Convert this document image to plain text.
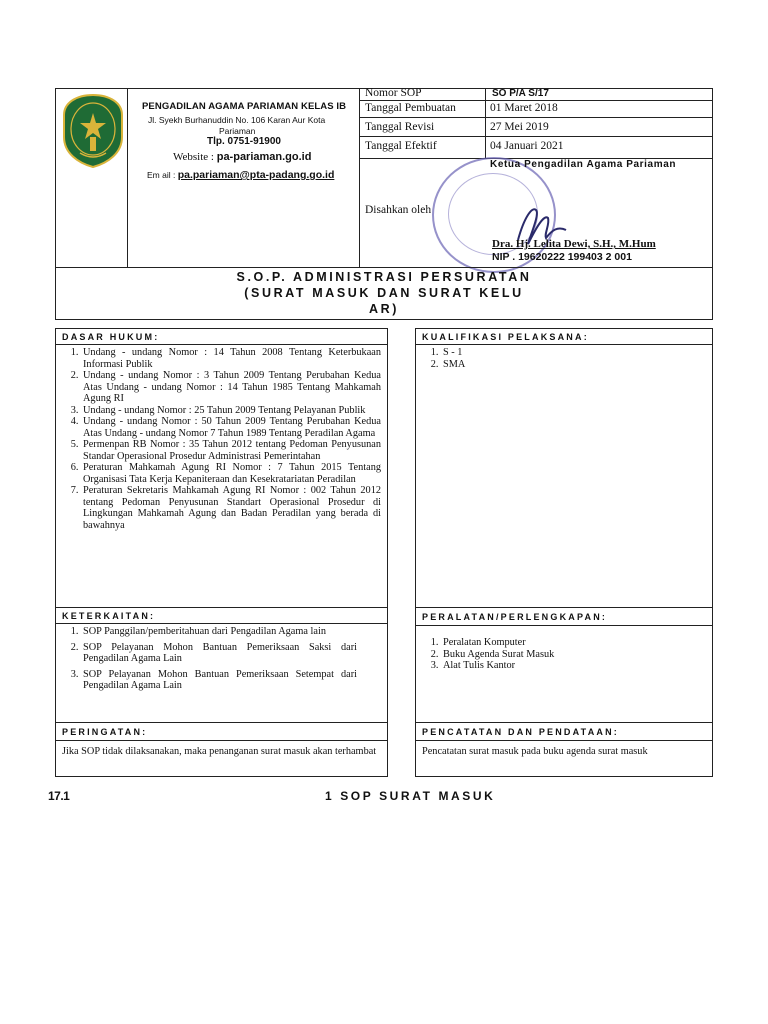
PENGADILAN AGAMA PARIAMAN KELAS IB
Jl. Syekh Burhanuddin No. 106 Karan Aur Kota
Pariaman
Tlp. 0751-91900
Website : pa-pariaman.go.id
Em ail : pa.pariaman@pta-padang.go.id
Nomor SOP	SO P/A S/17
Tanggal Pembuatan	01 Maret 2018
Tanggal Revisi	27 Mei 2019
Tanggal Efektif	04 Januari 2021
Disahkan oleh
Ketua Pengadilan Agama Pariaman
Dra. Hj. Lelita Dewi, S.H., M.Hum
NIP . 19620222 199403 2 001
S.O.P. ADMINISTRASI PERSURATAN
(SURAT MASUK DAN SURAT KELU
AR)
DASAR HUKUM:
1. Undang - undang Nomor : 14 Tahun 2008 Tentang Keterbukaan Informasi Publik
2. Undang - undang Nomor : 3 Tahun 2009 Tentang Perubahan Kedua Atas Undang - undang Nomor : 14 Tahun 1985 Tentang Mahkamah Agung RI
3. Undang - undang Nomor : 25 Tahun 2009 Tentang Pelayanan Publik
4. Undang - undang Nomor : 50 Tahun 2009 Tentang Perubahan Kedua Atas Undang - undang Nomor 7 Tahun 1989 Tentang Peradilan Agama
5. Permenpan RB Nomor : 35 Tahun 2012 tentang Pedoman Penyusunan Standar Operasional Prosedur Administrasi Pemerintahan
6. Peraturan Mahkamah Agung RI Nomor : 7 Tahun 2015 Tentang Organisasi Tata Kerja Kepaniteraan dan Kesekratariatan Peradilan
7. Peraturan Sekretaris Mahkamah Agung RI Nomor : 002 Tahun 2012 tentang Pedoman Penyusunan Standart Operasional Prosedur di Lingkungan Mahkamah Agung dan Badan Peradilan yang berada di bawahnya
KUALIFIKASI PELAKSANA:
1. S - 1
2. SMA
KETERKAITAN:
1. SOP Panggilan/pemberitahuan dari Pengadilan Agama lain
2. SOP Pelayanan Mohon Bantuan Pemeriksaan Saksi dari Pengadilan Agama Lain
3. SOP Pelayanan Mohon Bantuan Pemeriksaan Setempat dari Pengadilan Agama Lain
PERALATAN/PERLENGKAPAN:
1. Peralatan Komputer
2. Buku Agenda Surat Masuk
3. Alat Tulis Kantor
PERINGATAN:
Jika SOP tidak dilaksanakan, maka penanganan surat masuk akan terhambat
PENCATATAN DAN PENDATAAN:
Pencatatan surat masuk pada buku agenda surat masuk
17.1	1 SOP SURAT MASUK
